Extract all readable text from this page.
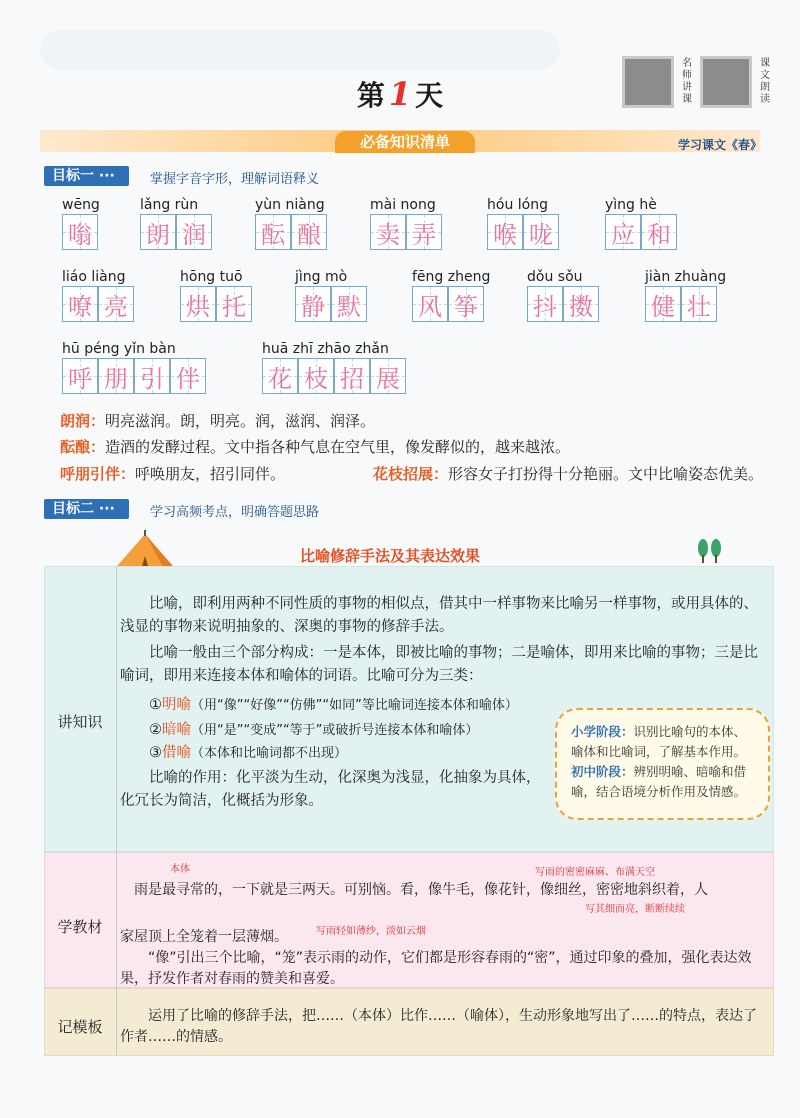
第 1 天
名师讲课
课文朗读
必备知识清单	学习课文《春》
目标一 ···	掌握字音字形，理解词语释义
wēng
嗡
lǎng rùn
朗 润
yùn niàng
酝 酿
mài nong
卖 弄
hóu lóng
喉 咙
yìng hè
应 和
liáo liàng
嘹 亮
hōng tuō
烘 托
jìng mò
静 默
fēng zheng
风 筝
dǒu sǒu
抖 擞
jiàn zhuàng
健 壮
hū péng yǐn bàn
呼 朋 引 伴
huā zhī zhāo zhǎn
花 枝 招 展
朗润：明亮滋润。朗，明亮。润，滋润、润泽。
酝酿：造酒的发酵过程。文中指各种气息在空气里，像发酵似的，越来越浓。
呼朋引伴：呼唤朋友，招引同伴。	花枝招展：形容女子打扮得十分艳丽。文中比喻姿态优美。
目标二 ···	学习高频考点，明确答题思路
比喻修辞手法及其表达效果
讲知识
学教材
记模板

比喻，即利用两种不同性质的事物的相似点，借其中一样事物来比喻另一样事物，或用具体的、浅显的事物来说明抽象的、深奥的事物的修辞手法。

比喻一般由三个部分构成：一是本体，即被比喻的事物；二是喻体，即用来比喻的事物；三是比喻词，即用来连接本体和喻体的词语。比喻可分为三类：

①明喻（用“像”“好像”“仿佛”“如同”等比喻词连接本体和喻体）

②暗喻（用“是”“变成”“等于”或破折号连接本体和喻体）

③借喻（本体和比喻词都不出现）

比喻的作用：化平淡为生动，化深奥为浅显，化抽象为具体，化冗长为简洁，化概括为形象。

小学阶段：识别比喻句的本体、喻体和比喻词，了解基本作用。
初中阶段：辨别明喻、暗喻和借喻，结合语境分析作用及情感。
本体	写雨的密密麻麻、布满天空

雨是最寻常的，一下就是三两天。可别恼。看，像牛毛，像花针，像细丝，密密地斜织着，人

写其细而亮，断断续续

家屋顶上全笼着一层薄烟。	写雨轻如薄纱，淡如云烟

“像”引出三个比喻，“笼”表示雨的动作，它们都是形容春雨的“密”，通过印象的叠加，强化表达效果，抒发作者对春雨的赞美和喜爱。

运用了比喻的修辞手法，把……（本体）比作……（喻体），生动形象地写出了……的特点，表达了作者……的情感。
